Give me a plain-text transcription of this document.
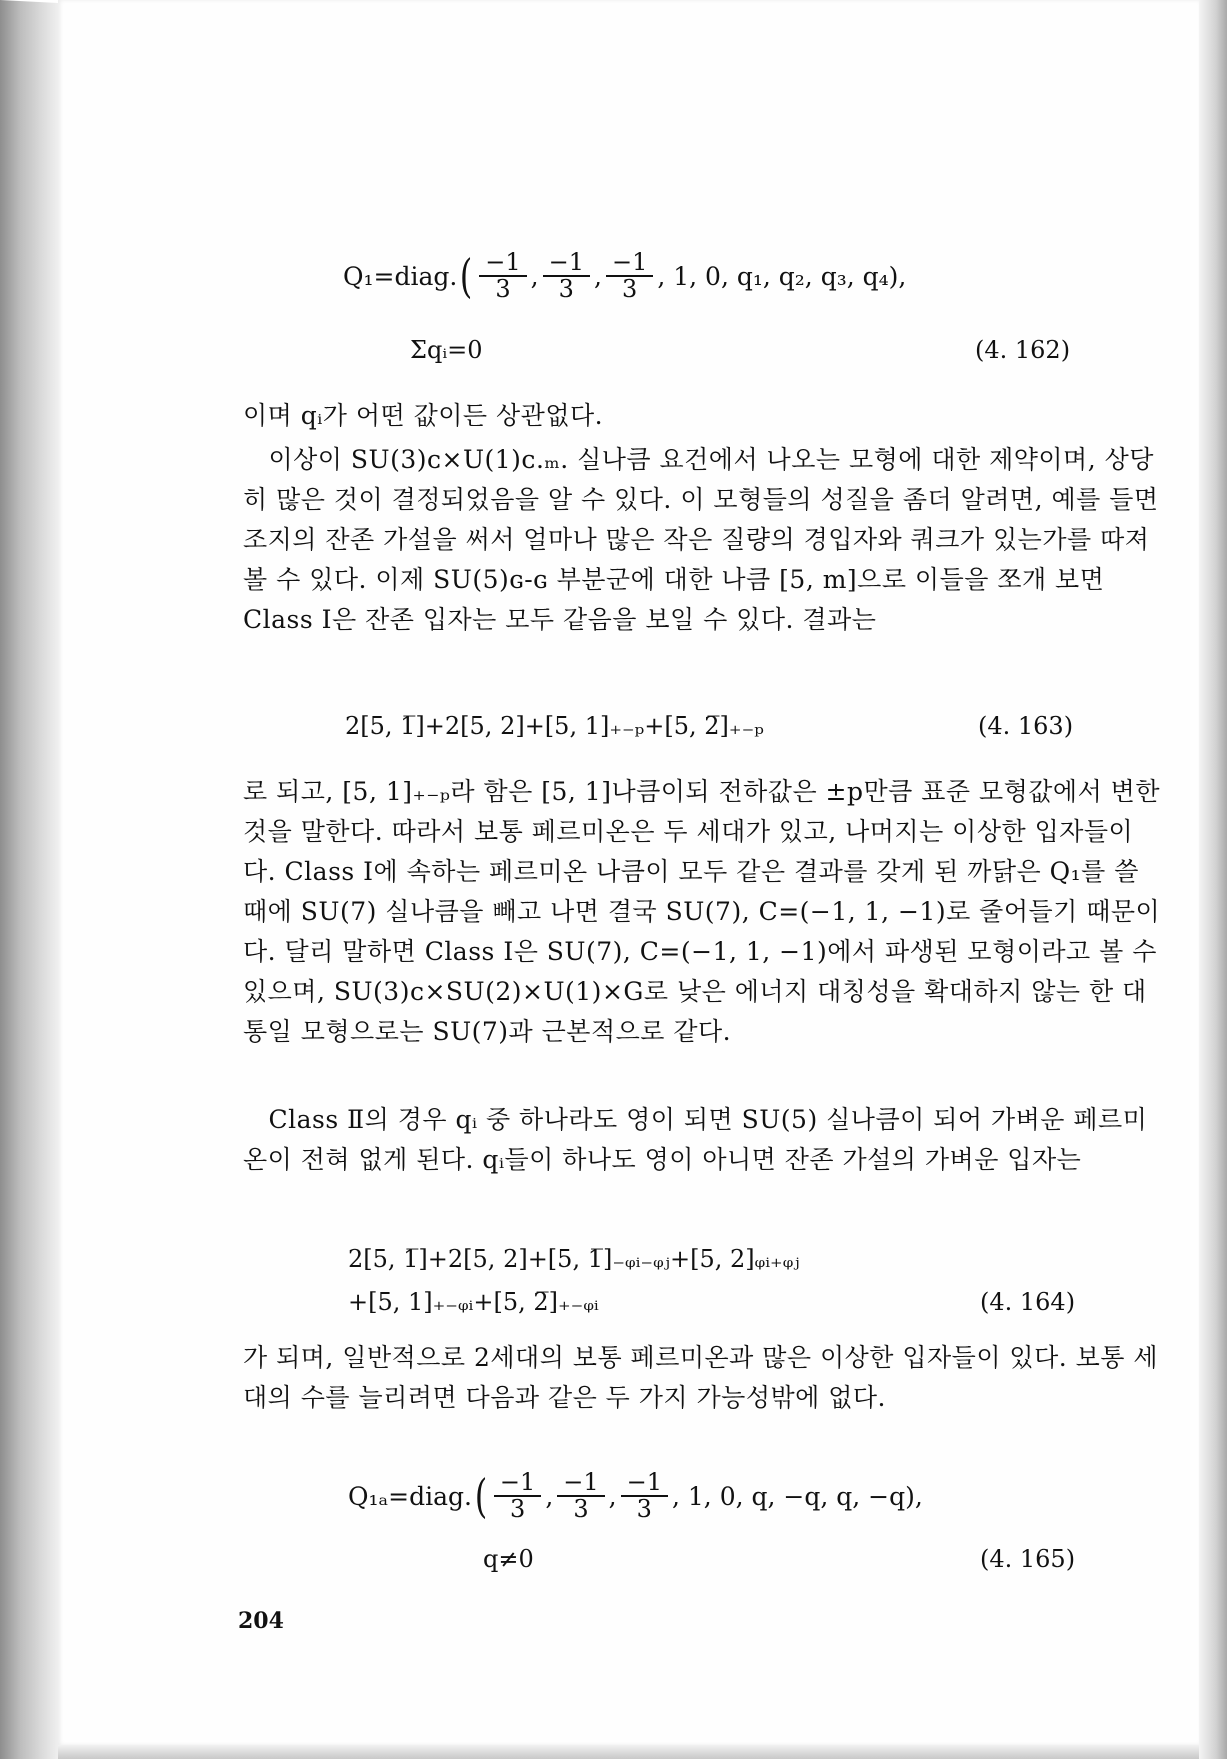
Q₁=diag. ( $\frac{-1}{3}$ , $\frac{-1}{3}$ , $\frac{-1}{3}$ , 1, 0, q₁, q₂, q₃, q₄),
Σqᵢ=0	(4. 162)

이며 qᵢ가 어떤 값이든 상관없다.

　이상이 SU(3)ᴄ×U(1)ᴄ.ₘ. 실나큼 요건에서 나오는 모형에 대한 제약이며, 상당히 많은 것이 결정되었음을 알 수 있다. 이 모형들의 성질을 좀더 알려면, 예를 들면 조지의 잔존 가설을 써서 얼마나 많은 작은 질량의 경입자와 쿼크가 있는가를 따져 볼 수 있다. 이제 SU(5)ɢ-ɢ 부분군에 대한 나큼 [5, m]으로 이들을 쪼개 보면 Class Ⅰ은 잔존 입자는 모두 같음을 보일 수 있다. 결과는

2[5, 1̅]+2[5, 2]+[5, 1]₊₋ₚ+[5, 2̅]₊₋ₚ	(4. 163)

로 되고, [5, 1]₊₋ₚ라 함은 [5, 1]나큼이되 전하값은 ±p만큼 표준 모형값에서 변한 것을 말한다. 따라서 보통 페르미온은 두 세대가 있고, 나머지는 이상한 입자들이다. Class Ⅰ에 속하는 페르미온 나큼이 모두 같은 결과를 갖게 된 까닭은 Q₁를 쓸 때에 SU(7) 실나큼을 빼고 나면 결국 SU(7), C=(−1, 1, −1)로 줄어들기 때문이다. 달리 말하면 Class Ⅰ은 SU(7), C=(−1, 1, −1)에서 파생된 모형이라고 볼 수 있으며, SU(3)ᴄ×SU(2)×U(1)×G로 낮은 에너지 대칭성을 확대하지 않는 한 대통일 모형으로는 SU(7)과 근본적으로 같다.

　Class Ⅱ의 경우 qᵢ 중 하나라도 영이 되면 SU(5) 실나큼이 되어 가벼운 페르미온이 전혀 없게 된다. qᵢ들이 하나도 영이 아니면 잔존 가설의 가벼운 입자는

2[5, 1̅]+2[5, 2]+[5, 1̅]₋ᵩᵢ₋ᵩⱼ+[5, 2]ᵩᵢ₊ᵩⱼ
+[5, 1]₊₋ᵩᵢ+[5, 2̅]₊₋ᵩᵢ	(4. 164)

가 되며, 일반적으로 2세대의 보통 페르미온과 많은 이상한 입자들이 있다. 보통 세대의 수를 늘리려면 다음과 같은 두 가지 가능성밖에 없다.

Q₁ₐ=diag. ( $\frac{-1}{3}$ , $\frac{-1}{3}$ , $\frac{-1}{3}$ , 1, 0, q, −q, q, −q),
q≠0	(4. 165)
204
